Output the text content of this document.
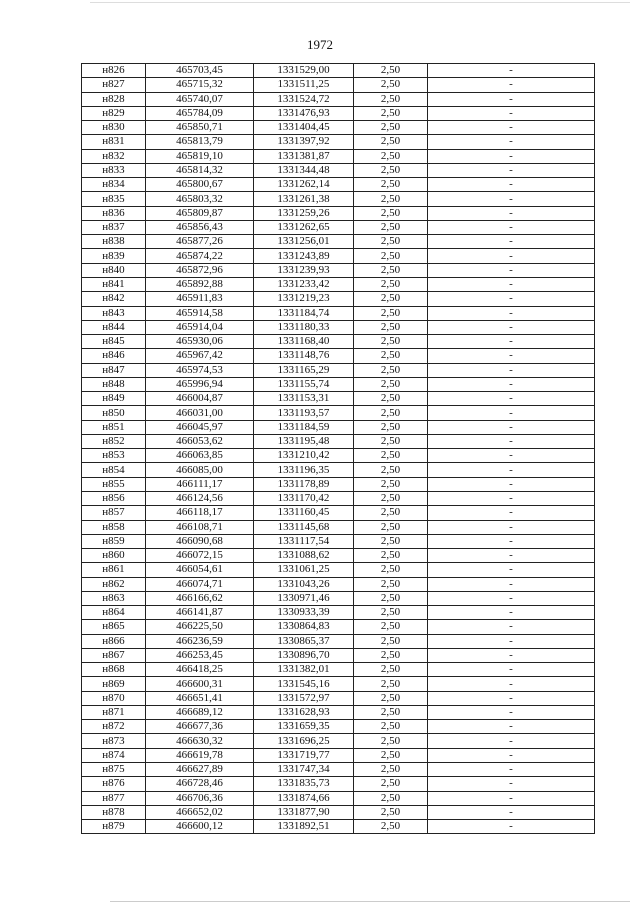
1972
н826	465703,45	1331529,00	2,50	-
н827	465715,32	1331511,25	2,50	-
н828	465740,07	1331524,72	2,50	-
н829	465784,09	1331476,93	2,50	-
н830	465850,71	1331404,45	2,50	-
н831	465813,79	1331397,92	2,50	-
н832	465819,10	1331381,87	2,50	-
н833	465814,32	1331344,48	2,50	-
н834	465800,67	1331262,14	2,50	-
н835	465803,32	1331261,38	2,50	-
н836	465809,87	1331259,26	2,50	-
н837	465856,43	1331262,65	2,50	-
н838	465877,26	1331256,01	2,50	-
н839	465874,22	1331243,89	2,50	-
н840	465872,96	1331239,93	2,50	-
н841	465892,88	1331233,42	2,50	-
н842	465911,83	1331219,23	2,50	-
н843	465914,58	1331184,74	2,50	-
н844	465914,04	1331180,33	2,50	-
н845	465930,06	1331168,40	2,50	-
н846	465967,42	1331148,76	2,50	-
н847	465974,53	1331165,29	2,50	-
н848	465996,94	1331155,74	2,50	-
н849	466004,87	1331153,31	2,50	-
н850	466031,00	1331193,57	2,50	-
н851	466045,97	1331184,59	2,50	-
н852	466053,62	1331195,48	2,50	-
н853	466063,85	1331210,42	2,50	-
н854	466085,00	1331196,35	2,50	-
н855	466111,17	1331178,89	2,50	-
н856	466124,56	1331170,42	2,50	-
н857	466118,17	1331160,45	2,50	-
н858	466108,71	1331145,68	2,50	-
н859	466090,68	1331117,54	2,50	-
н860	466072,15	1331088,62	2,50	-
н861	466054,61	1331061,25	2,50	-
н862	466074,71	1331043,26	2,50	-
н863	466166,62	1330971,46	2,50	-
н864	466141,87	1330933,39	2,50	-
н865	466225,50	1330864,83	2,50	-
н866	466236,59	1330865,37	2,50	-
н867	466253,45	1330896,70	2,50	-
н868	466418,25	1331382,01	2,50	-
н869	466600,31	1331545,16	2,50	-
н870	466651,41	1331572,97	2,50	-
н871	466689,12	1331628,93	2,50	-
н872	466677,36	1331659,35	2,50	-
н873	466630,32	1331696,25	2,50	-
н874	466619,78	1331719,77	2,50	-
н875	466627,89	1331747,34	2,50	-
н876	466728,46	1331835,73	2,50	-
н877	466706,36	1331874,66	2,50	-
н878	466652,02	1331877,90	2,50	-
н879	466600,12	1331892,51	2,50	-
